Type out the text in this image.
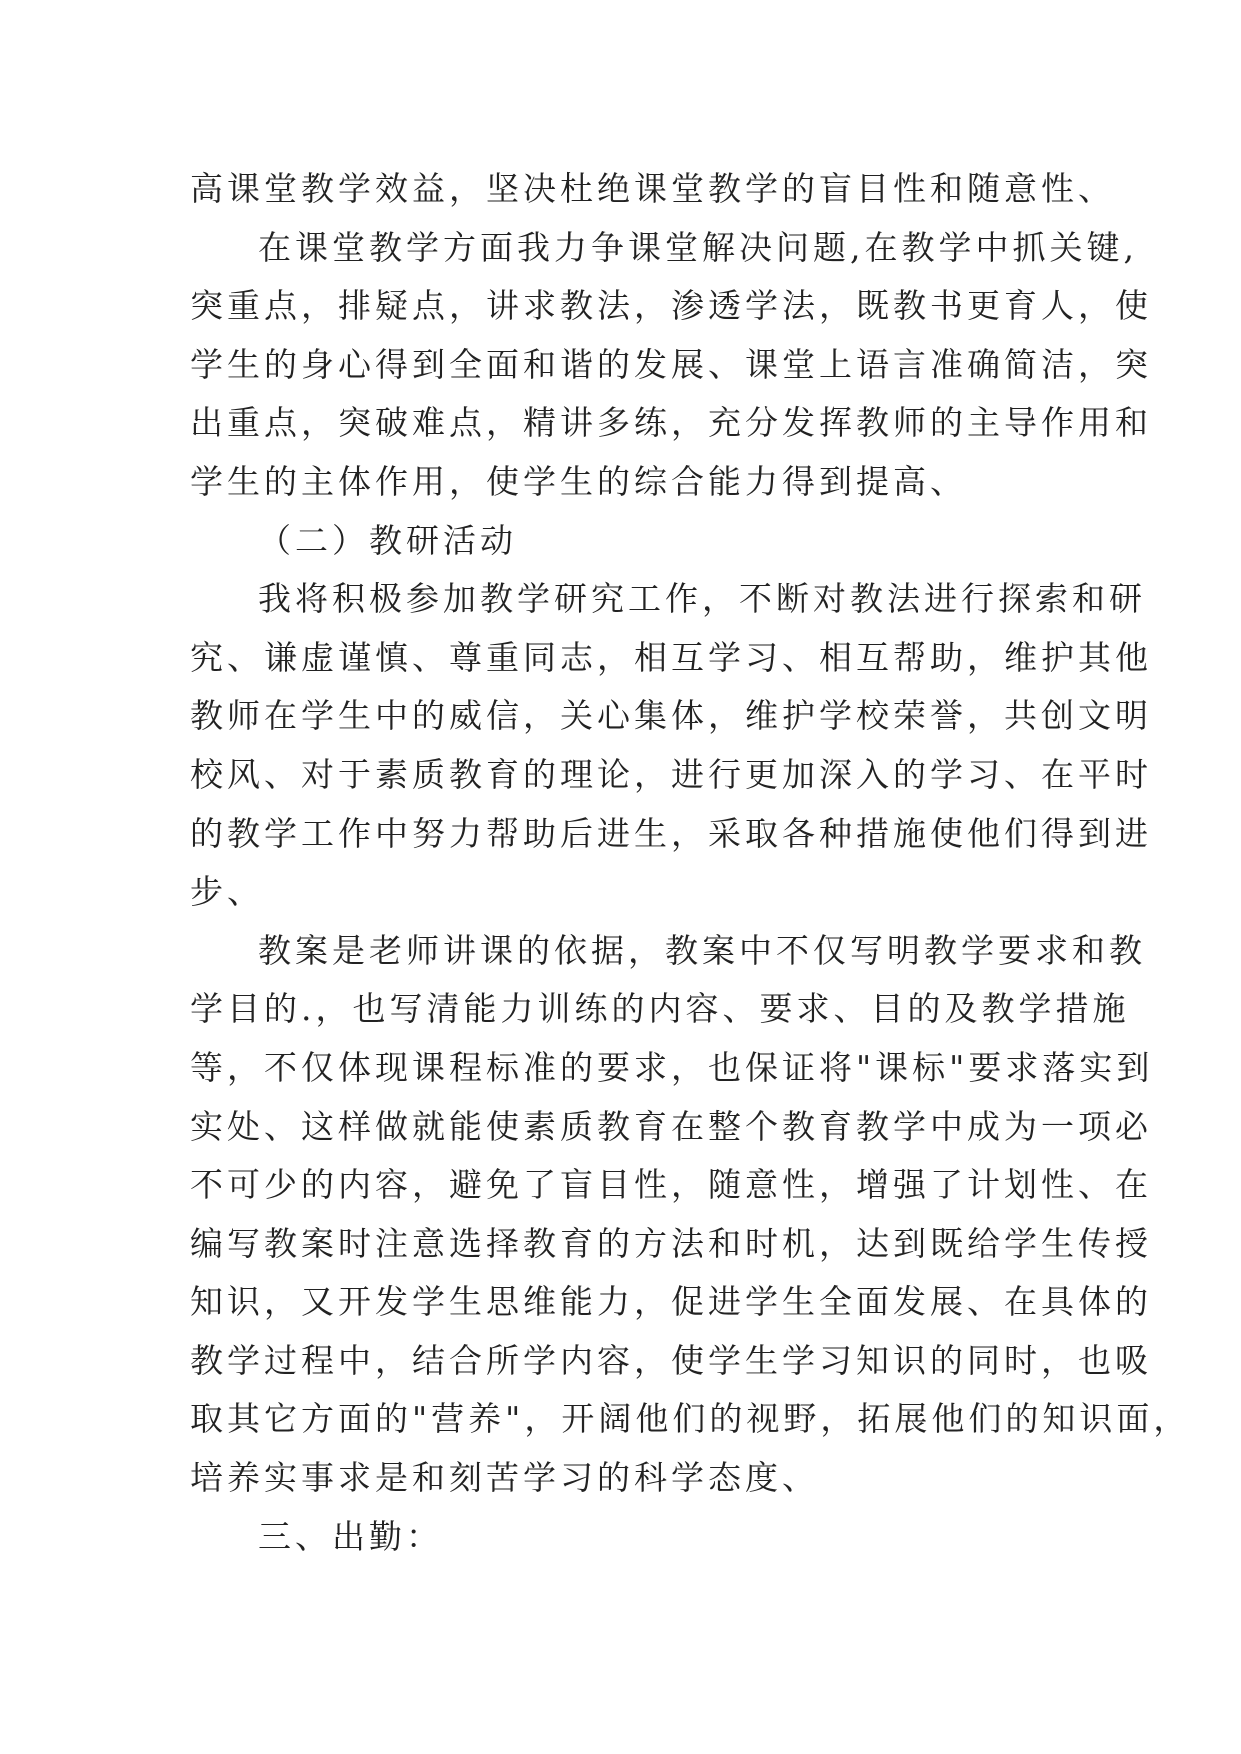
高课堂教学效益，坚决杜绝课堂教学的盲目性和随意性、
在课堂教学方面我力争课堂解决问题,在教学中抓关键,
突重点，排疑点，讲求教法，渗透学法，既教书更育人，使
学生的身心得到全面和谐的发展、课堂上语言准确简洁，突
出重点，突破难点，精讲多练，充分发挥教师的主导作用和
学生的主体作用，使学生的综合能力得到提高、
（二）教研活动
我将积极参加教学研究工作，不断对教法进行探索和研
究、谦虚谨慎、尊重同志，相互学习、相互帮助，维护其他
教师在学生中的威信，关心集体，维护学校荣誉，共创文明
校风、对于素质教育的理论，进行更加深入的学习、在平时
的教学工作中努力帮助后进生，采取各种措施使他们得到进
步、
教案是老师讲课的依据，教案中不仅写明教学要求和教
学目的.，也写清能力训练的内容、要求、目的及教学措施
等，不仅体现课程标准的要求，也保证将"课标"要求落实到
实处、这样做就能使素质教育在整个教育教学中成为一项必
不可少的内容，避免了盲目性，随意性，增强了计划性、在
编写教案时注意选择教育的方法和时机，达到既给学生传授
知识，又开发学生思维能力，促进学生全面发展、在具体的
教学过程中，结合所学内容，使学生学习知识的同时，也吸
取其它方面的"营养"，开阔他们的视野，拓展他们的知识面，
培养实事求是和刻苦学习的科学态度、
三、出勤：
